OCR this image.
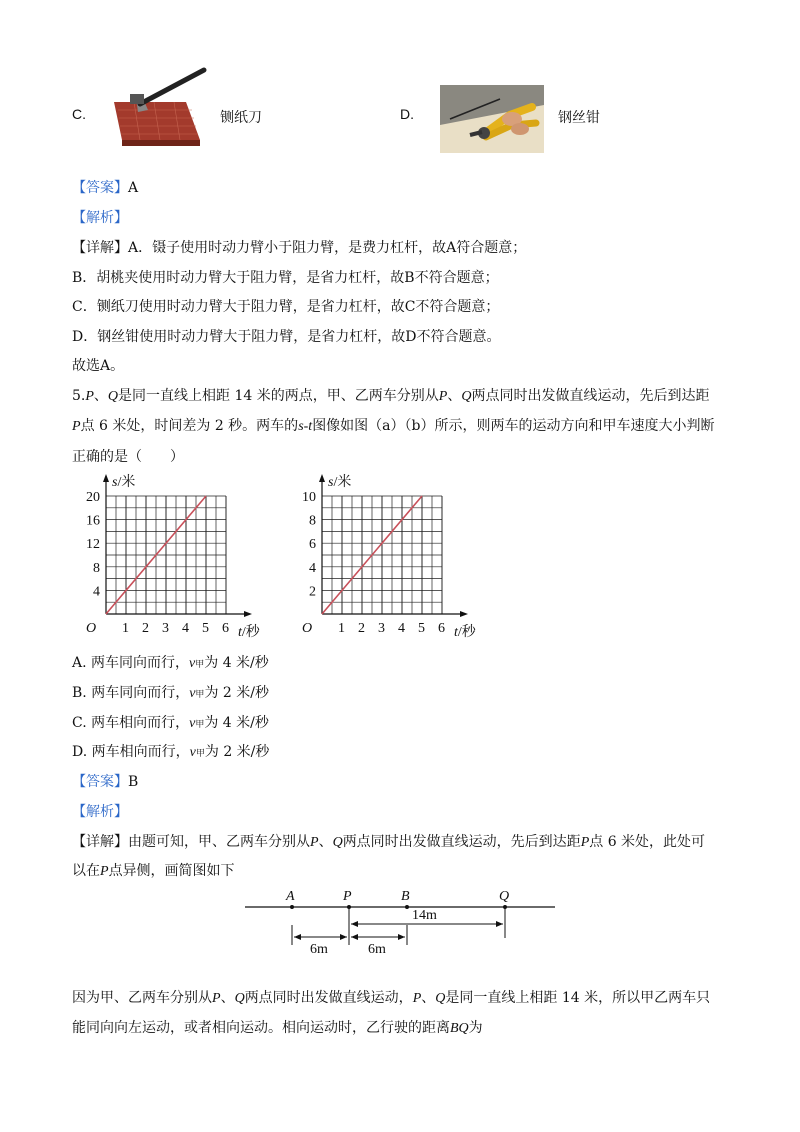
C.	铡纸刀	D.	钢丝钳
【答案】A
【解析】
【详解】A．镊子使用时动力臂小于阻力臂，是费力杠杆，故A符合题意；
B．胡桃夹使用时动力臂大于阻力臂，是省力杠杆，故B不符合题意；
C．铡纸刀使用时动力臂大于阻力臂，是省力杠杆，故C不符合题意；
D．钢丝钳使用时动力臂大于阻力臂，是省力杠杆，故D不符合题意。
故选A。
5.P、Q是同一直线上相距 14 米的两点，甲、乙两车分别从P、Q两点同时出发做直线运动，先后到达距
P点 6 米处，时间差为 2 秒。两车的s-t图像如图（a）（b）所示，则两车的运动方向和甲车速度大小判断
正确的是（　　）
1 2 3 4 5 6
4
8
12
16
20
O
s/米
t/秒	1 2 3 4 5 6
2
4
6
8
10
O
s/米
t/秒
A. 两车同向而行，v甲为 4 米/秒
B. 两车同向而行，v甲为 2 米/秒
C. 两车相向而行，v甲为 4 米/秒
D. 两车相向而行，v甲为 2 米/秒
【答案】B
【解析】
【详解】由题可知，甲、乙两车分别从P、Q两点同时出发做直线运动，先后到达距P点 6 米处，此处可
以在P点异侧，画简图如下
A	P	B	Q
14m
6m	6m
因为甲、乙两车分别从P、Q两点同时出发做直线运动，P、Q是同一直线上相距 14 米，所以甲乙两车只
能同向向左运动，或者相向运动。相向运动时，乙行驶的距离BQ为
